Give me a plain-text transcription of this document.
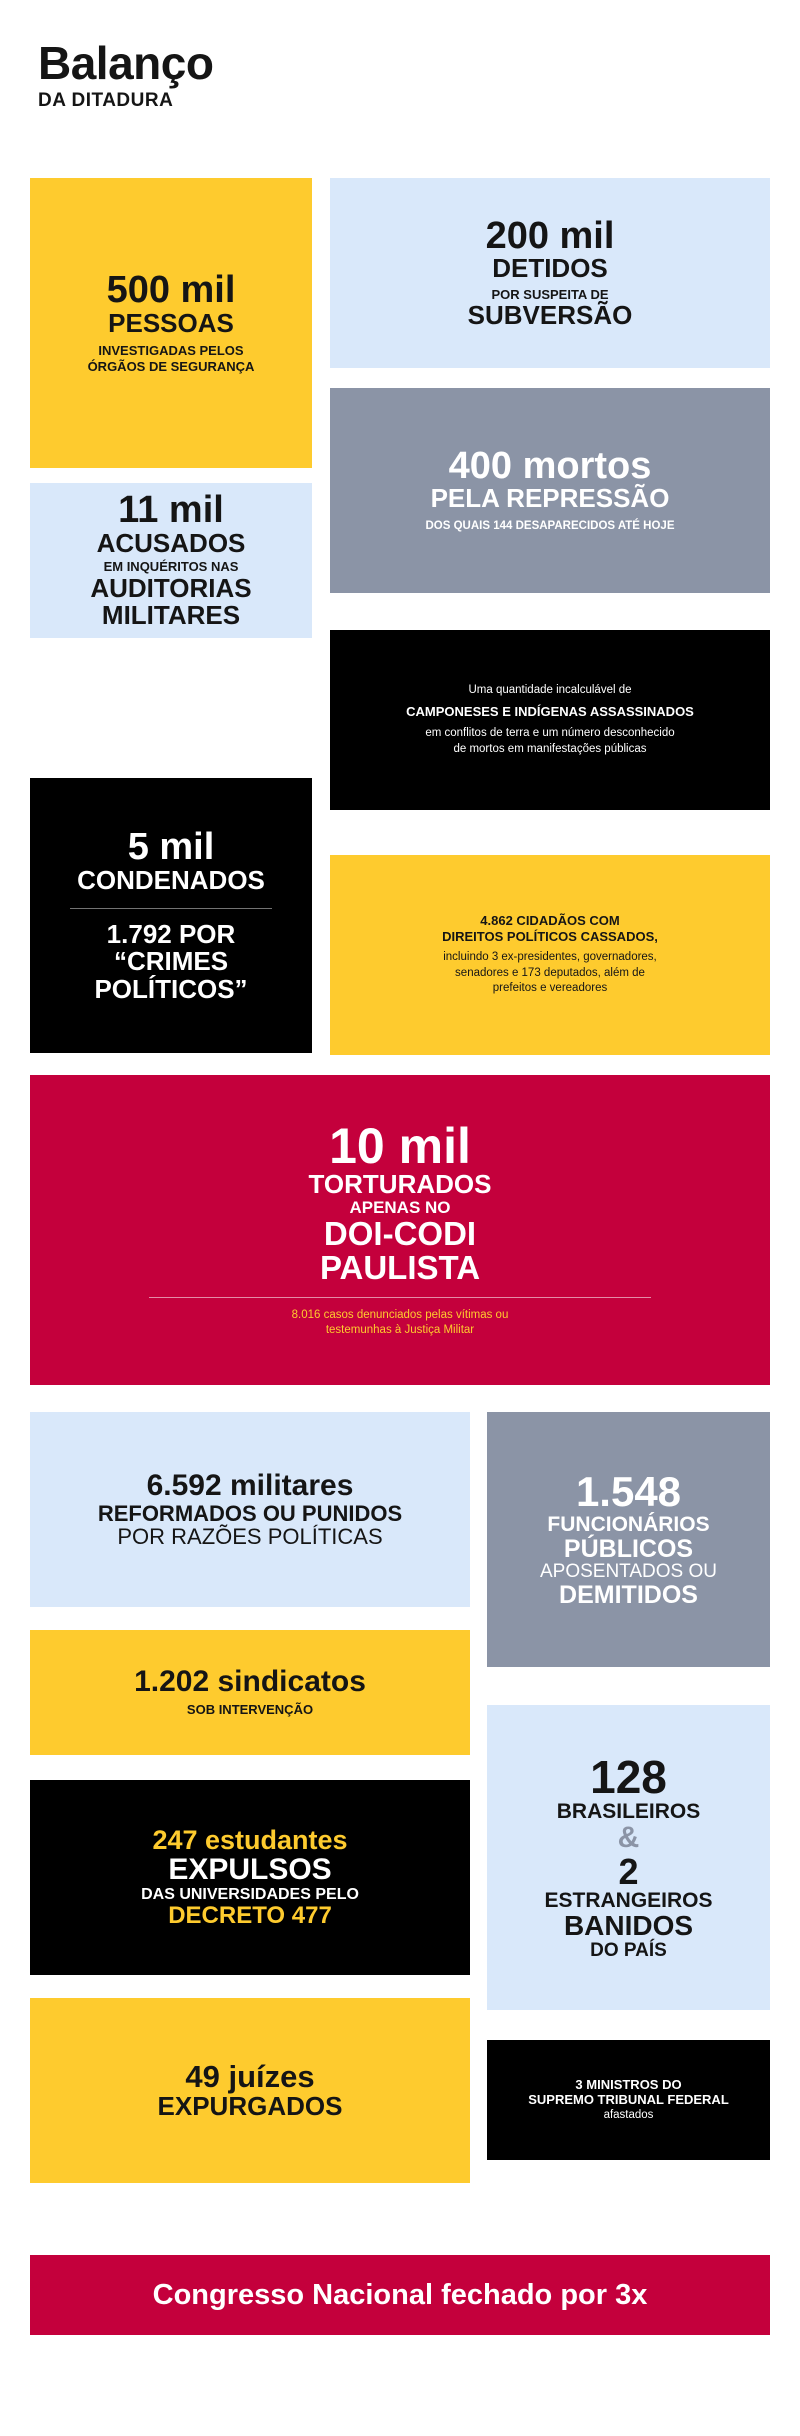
Balanço
DA DITADURA
500 mil
PESSOAS
INVESTIGADAS PELOS
ÓRGÃOS DE SEGURANÇA
200 mil
DETIDOS
POR SUSPEITA DE
SUBVERSÃO
11 mil
ACUSADOS
EM INQUÉRITOS NAS
AUDITORIAS
MILITARES
400 mortos
PELA REPRESSÃO
DOS QUAIS 144 DESAPARECIDOS ATÉ HOJE
5 mil
CONDENADOS
1.792 POR
“CRIMES POLÍTICOS”
Uma quantidade incalculável de
CAMPONESES E INDÍGENAS ASSASSINADOS
em conflitos de terra e um número desconhecido
de mortos em manifestações públicas
4.862 CIDADÃOS COM
DIREITOS POLÍTICOS CASSADOS,
incluindo 3 ex-presidentes, governadores,
senadores e 173 deputados, além de
prefeitos e vereadores
10 mil
TORTURADOS
APENAS NO
DOI-CODI
PAULISTA
8.016 casos denunciados pelas vítimas ou
testemunhas à Justiça Militar
6.592 militares
REFORMADOS OU PUNIDOS
POR RAZÕES POLÍTICAS
1.548
FUNCIONÁRIOS
PÚBLICOS
APOSENTADOS OU
DEMITIDOS
1.202 sindicatos
SOB INTERVENÇÃO
247 estudantes
EXPULSOS
DAS UNIVERSIDADES PELO
DECRETO 477
128
BRASILEIROS
&
2
ESTRANGEIROS
BANIDOS
DO PAÍS
49 juízes
EXPURGADOS
3 MINISTROS DO
SUPREMO TRIBUNAL FEDERAL
afastados
Congresso Nacional fechado por 3x
